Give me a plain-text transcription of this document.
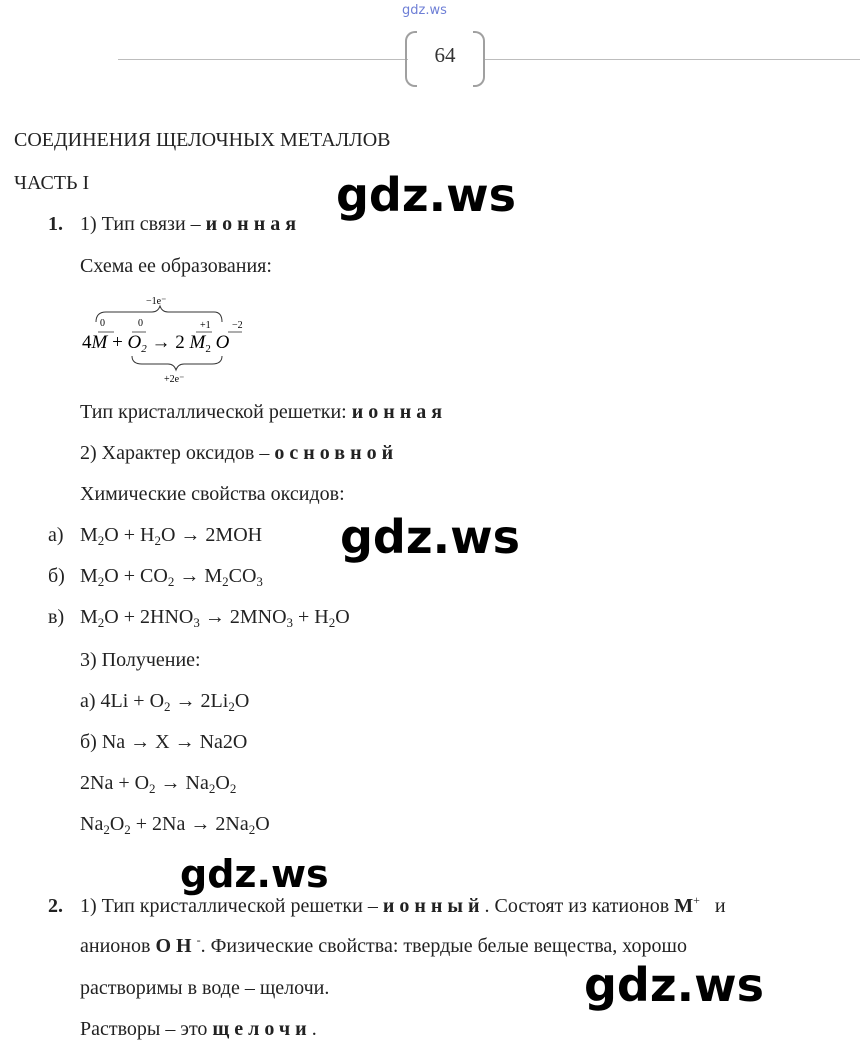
gdz.ws
64
СОЕДИНЕНИЯ ЩЕЛОЧНЫХ МЕТАЛЛОВ
ЧАСТЬ I
1. 1) Тип связи – ионная
Схема ее образования:
−1e⁻
0	0	+1 −2
$4M + O_2 \to 2$ $M_2$ O
+2e⁻
Тип кристаллической решетки: ионная
2) Характер оксидов – основной
Химические свойства оксидов:
а) $M_2O + H_2O \to 2MOH$
б) $M_2O + CO_2 \to M_2CO_3$
в) $M_2O + 2HNO_3 \to 2MNO_3 + H_2O$
3) Получение:
а) $4Li + O_2 \to 2Li_2O$
б) Na → X → Na2O
$2Na + O_2 \to Na_2O_2$
$Na_2O_2 + 2Na \to 2Na_2O$
2. 1) Тип кристаллической решетки – ионный. Состоят из катионов M+ и
анионов OH-. Физические свойства: твердые белые вещества, хорошо
растворимы в воде – щелочи.
Растворы – это щелочи.
gdz.ws
gdz.ws
gdz.ws
gdz.ws
